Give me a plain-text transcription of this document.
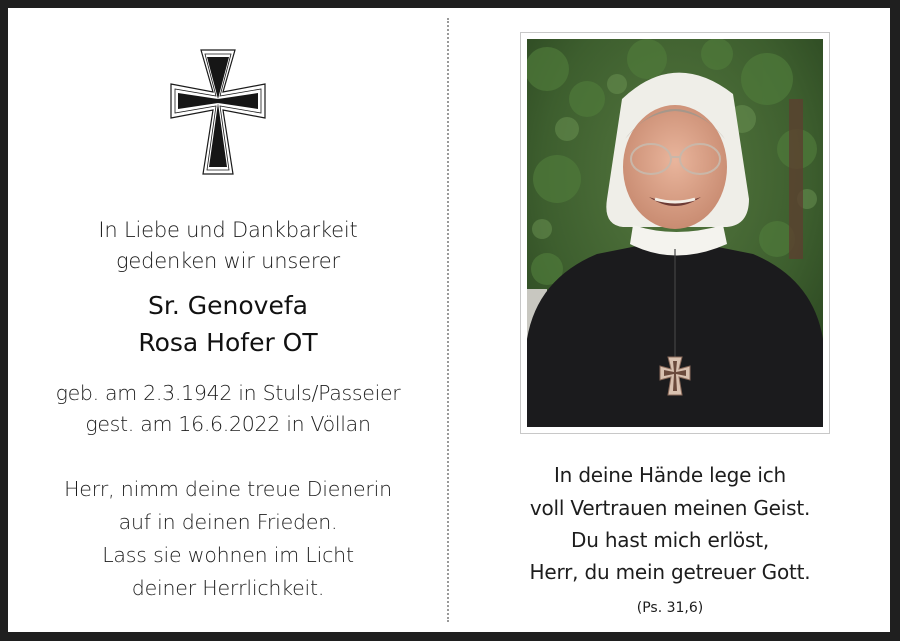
In Liebe und Dankbarkeit
gedenken wir unserer
Sr. Genovefa
Rosa Hofer OT
geb. am 2.3.1942 in Stuls/Passeier
gest. am 16.6.2022 in Völlan
Herr, nimm deine treue Dienerin
auf in deinen Frieden.
Lass sie wohnen im Licht
deiner Herrlichkeit.
In deine Hände lege ich
voll Vertrauen meinen Geist.
Du hast mich erlöst,
Herr, du mein getreuer Gott.
(Ps. 31,6)
